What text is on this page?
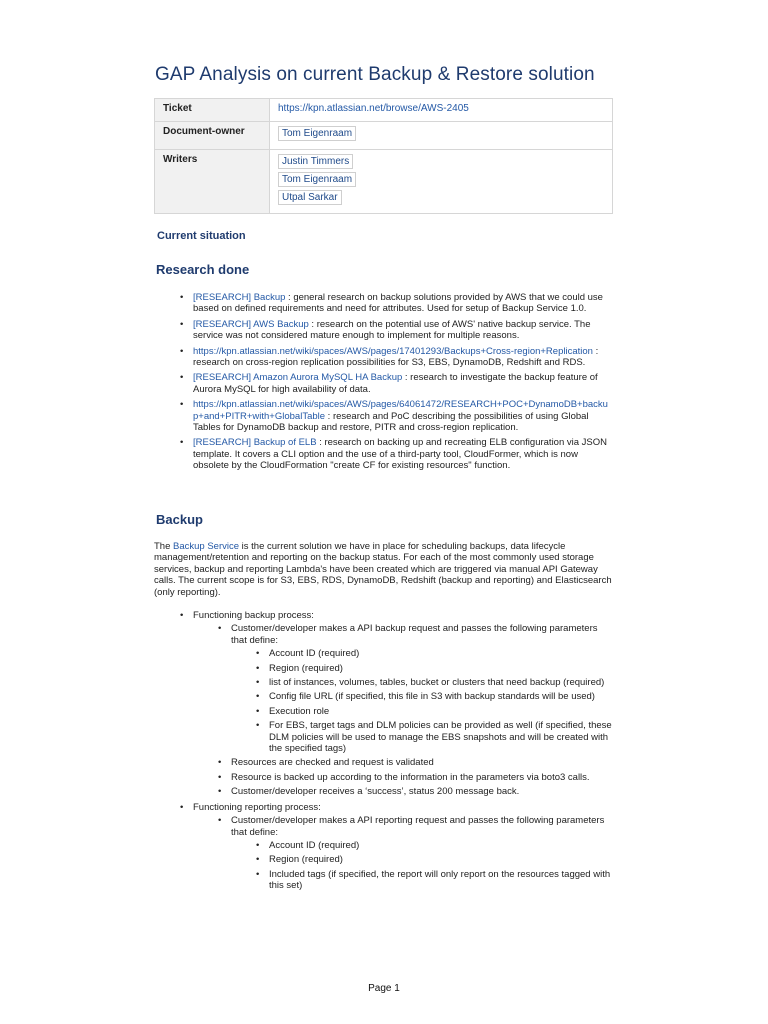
GAP Analysis on current Backup & Restore solution
Ticket	https://kpn.atlassian.net/browse/AWS-2405
Document-owner	Tom Eigenraam
Writers	Justin Timmers
Tom Eigenraam
Utpal Sarkar
Current situation
Research done
• [RESEARCH] Backup : general research on backup solutions provided by AWS that we could use based on defined requirements and need for attributes. Used for setup of Backup Service 1.0.
• [RESEARCH] AWS Backup : research on the potential use of AWS' native backup service. The service was not considered mature enough to implement for multiple reasons.
• https://kpn.atlassian.net/wiki/spaces/AWS/pages/17401293/Backups+Cross-region+Replication : research on cross-region replication possibilities for S3, EBS, DynamoDB, Redshift and RDS.
• [RESEARCH] Amazon Aurora MySQL HA Backup : research to investigate the backup feature of Aurora MySQL for high availability of data.
• https://kpn.atlassian.net/wiki/spaces/AWS/pages/64061472/RESEARCH+POC+DynamoDB+backup+and+PITR+with+GlobalTable : research and PoC describing the possibilities of using Global Tables for DynamoDB backup and restore, PITR and cross-region replication.
• [RESEARCH] Backup of ELB : research on backing up and recreating ELB configuration via JSON template. It covers a CLI option and the use of a third-party tool, CloudFormer, which is now obsolete by the CloudFormation "create CF for existing resources" function.
Backup

The Backup Service is the current solution we have in place for scheduling backups, data lifecycle management/retention and reporting on the backup status. For each of the most commonly used storage services, backup and reporting Lambda's have been created which are triggered via manual API Gateway calls. The current scope is for S3, EBS, RDS, DynamoDB, Redshift (backup and reporting) and Elasticsearch (only reporting).

• Functioning backup process:
• Customer/developer makes a API backup request and passes the following parameters that define:
• Account ID (required)
• Region (required)
• list of instances, volumes, tables, bucket or clusters that need backup (required)
• Config file URL (if specified, this file in S3 with backup standards will be used)
• Execution role
• For EBS, target tags and DLM policies can be provided as well (if specified, these DLM policies will be used to manage the EBS snapshots and will be created with the specified tags)
• Resources are checked and request is validated
• Resource is backed up according to the information in the parameters via boto3 calls.
• Customer/developer receives a ‘success’, status 200 message back.
• Functioning reporting process:
• Customer/developer makes a API reporting request and passes the following parameters that define:
• Account ID (required)
• Region (required)
• Included tags (if specified, the report will only report on the resources tagged with this set)
Page 1
